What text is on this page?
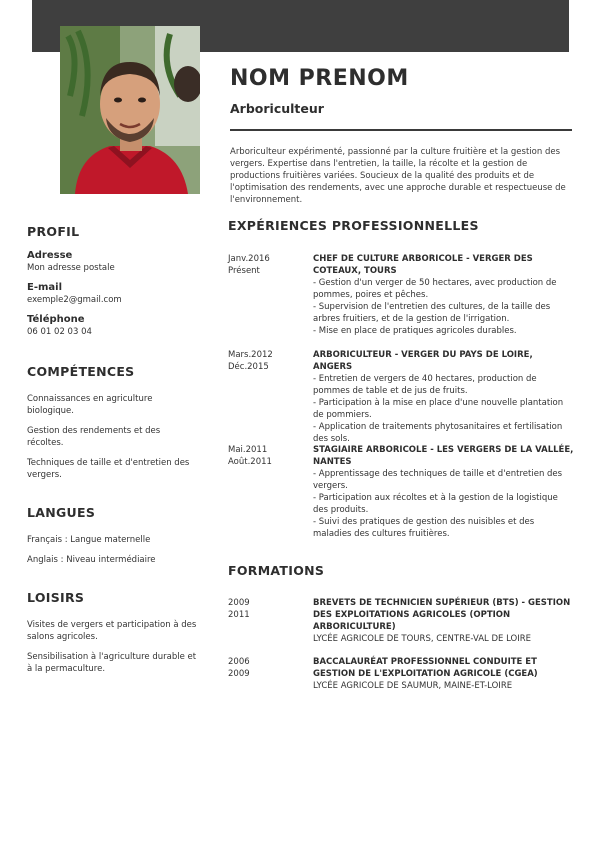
NOM PRENOM
Arboriculteur
Arboriculteur expérimenté, passionné par la culture fruitière et la gestion des vergers. Expertise dans l'entretien, la taille, la récolte et la gestion de productions fruitières variées. Soucieux de la qualité des produits et de l'optimisation des rendements, avec une approche durable et respectueuse de l'environnement.
PROFIL
Adresse
Mon adresse postale
E-mail
exemple2@gmail.com
Téléphone
06 01 02 03 04
COMPÉTENCES
Connaissances en agriculture biologique.
Gestion des rendements et des récoltes.
Techniques de taille et d'entretien des vergers.
LANGUES
Français : Langue maternelle
Anglais : Niveau intermédiaire
LOISIRS
Visites de vergers et participation à des salons agricoles.
Sensibilisation à l'agriculture durable et à la permaculture.
EXPÉRIENCES PROFESSIONNELLES
Janv.2016
Présent
CHEF DE CULTURE ARBORICOLE - VERGER DES COTEAUX, TOURS
- Gestion d'un verger de 50 hectares, avec production de pommes, poires et pêches.
- Supervision de l'entretien des cultures, de la taille des arbres fruitiers, et de la gestion de l'irrigation.
- Mise en place de pratiques agricoles durables.
Mars.2012
Déc.2015
ARBORICULTEUR - VERGER DU PAYS DE LOIRE, ANGERS
- Entretien de vergers de 40 hectares, production de pommes de table et de jus de fruits.
- Participation à la mise en place d'une nouvelle plantation de pommiers.
- Application de traitements phytosanitaires et fertilisation des sols.
Mai.2011
Août.2011
STAGIAIRE ARBORICOLE - LES VERGERS DE LA VALLÉE, NANTES
- Apprentissage des techniques de taille et d'entretien des vergers.
- Participation aux récoltes et à la gestion de la logistique des produits.
- Suivi des pratiques de gestion des nuisibles et des maladies des cultures fruitières.
FORMATIONS
2009
2011
BREVETS DE TECHNICIEN SUPÉRIEUR (BTS) - GESTION DES EXPLOITATIONS AGRICOLES (OPTION ARBORICULTURE)
LYCÉE AGRICOLE DE TOURS, CENTRE-VAL DE LOIRE
2006
2009
BACCALAURÉAT PROFESSIONNEL CONDUITE ET GESTION DE L'EXPLOITATION AGRICOLE (CGEA)
LYCÉE AGRICOLE DE SAUMUR, MAINE-ET-LOIRE
